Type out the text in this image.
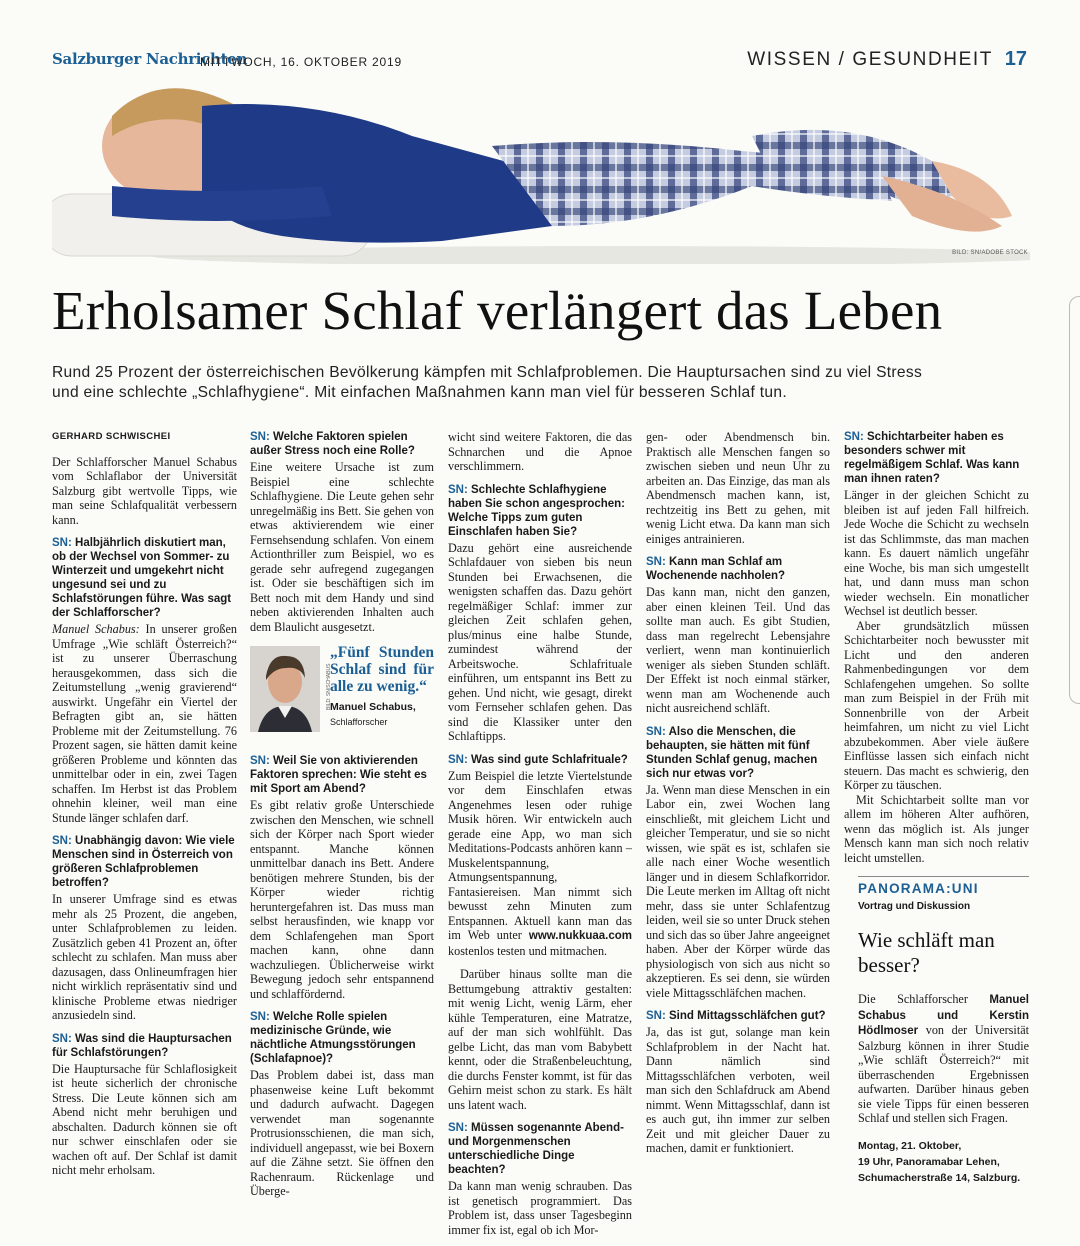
Salzburger Nachrichten
MITTWOCH, 16. OKTOBER 2019	WISSEN / GESUNDHEIT 17
BILD: SN/ADOBE STOCK
Erholsamer Schlaf verlängert das Leben

Rund 25 Prozent der österreichischen Bevölkerung kämpfen mit Schlafproblemen. Die Hauptursachen sind zu viel Stress und eine schlechte „Schlafhygiene“. Mit einfachen Maßnahmen kann man viel für besseren Schlaf tun.

GERHARD SCHWISCHEI

Der Schlafforscher Manuel Schabus vom Schlaflabor der Universität Salzburg gibt wertvolle Tipps, wie man seine Schlafqualität verbessern kann.

SN: Halbjährlich diskutiert man, ob der Wechsel von Sommer- zu Winterzeit und umgekehrt nicht ungesund sei und zu Schlafstörungen führe. Was sagt der Schlafforscher?

Manuel Schabus: In unserer großen Umfrage „Wie schläft Österreich?“ ist zu unserer Überraschung herausgekommen, dass sich die Zeitumstellung „wenig gravierend“ auswirkt. Ungefähr ein Viertel der Befragten gibt an, sie hätten Probleme mit der Zeitumstellung. 76 Prozent sagen, sie hätten damit keine größeren Probleme und könnten das unmittelbar oder in ein, zwei Tagen schaffen. Im Herbst ist das Problem ohnehin kleiner, weil man eine Stunde länger schlafen darf.

SN: Unabhängig davon: Wie viele Menschen sind in Österreich von größeren Schlafproblemen betroffen?

In unserer Umfrage sind es etwas mehr als 25 Prozent, die angeben, unter Schlafproblemen zu leiden. Zusätzlich geben 41 Prozent an, öfter schlecht zu schlafen. Man muss aber dazusagen, dass Onlineumfragen hier nicht wirklich repräsentativ sind und klinische Probleme etwas niedriger anzusiedeln sind.

SN: Was sind die Hauptursachen für Schlafstörungen?

Die Hauptursache für Schlaflosigkeit ist heute sicherlich der chronische Stress. Die Leute können sich am Abend nicht mehr beruhigen und abschalten. Dadurch können sie oft nur schwer einschlafen oder sie wachen oft auf. Der Schlaf ist damit nicht mehr erholsam.

SN: Welche Faktoren spielen außer Stress noch eine Rolle?

Eine weitere Ursache ist zum Beispiel eine schlechte Schlafhygiene. Die Leute gehen sehr unregelmäßig ins Bett. Sie gehen von etwas aktivierendem wie einer Fernsehsendung schlafen. Von einem Actionthriller zum Beispiel, wo es gerade sehr aufregend zugegangen ist. Oder sie beschäftigen sich im Bett noch mit dem Handy und sind neben aktivierenden Inhalten auch dem Blaulicht ausgesetzt.

BILD: SN/SCHABUS
„Fünf Stunden Schlaf sind für alle zu wenig.“
Manuel Schabus,
Schlafforscher

SN: Weil Sie von aktivierenden Faktoren sprechen: Wie steht es mit Sport am Abend?

Es gibt relativ große Unterschiede zwischen den Menschen, wie schnell sich der Körper nach Sport wieder entspannt. Manche können unmittelbar danach ins Bett. Andere benötigen mehrere Stunden, bis der Körper wieder richtig heruntergefahren ist. Das muss man selbst herausfinden, wie knapp vor dem Schlafengehen man Sport machen kann, ohne dann wachzuliegen. Üblicherweise wirkt Bewegung jedoch sehr entspannend und schlaffördernd.

SN: Welche Rolle spielen medizinische Gründe, wie nächtliche Atmungsstörungen (Schlafapnoe)?

Das Problem dabei ist, dass man phasenweise keine Luft bekommt und dadurch aufwacht. Dagegen verwendet man sogenannte Protrusionsschienen, die man sich, individuell angepasst, wie bei Boxern auf die Zähne setzt. Sie öffnen den Rachenraum. Rückenlage und Überge-

wicht sind weitere Faktoren, die das Schnarchen und die Apnoe verschlimmern.

SN: Schlechte Schlafhygiene haben Sie schon angesprochen: Welche Tipps zum guten Einschlafen haben Sie?

Dazu gehört eine ausreichende Schlafdauer von sieben bis neun Stunden bei Erwachsenen, die wenigsten schaffen das. Dazu gehört regelmäßiger Schlaf: immer zur gleichen Zeit schlafen gehen, plus/minus eine halbe Stunde, zumindest während der Arbeitswoche. Schlafrituale einführen, um entspannt ins Bett zu gehen. Und nicht, wie gesagt, direkt vom Fernseher schlafen gehen. Das sind die Klassiker unter den Schlaftipps.

SN: Was sind gute Schlafrituale?

Zum Beispiel die letzte Viertelstunde vor dem Einschlafen etwas Angenehmes lesen oder ruhige Musik hören. Wir entwickeln auch gerade eine App, wo man sich Meditations-Podcasts anhören kann – Muskelentspannung, Atmungsentspannung, Fantasiereisen. Man nimmt sich bewusst zehn Minuten zum Entspannen. Aktuell kann man das im Web unter www.nukkuaa.com kostenlos testen und mitmachen.

Darüber hinaus sollte man die Bettumgebung attraktiv gestalten: mit wenig Licht, wenig Lärm, eher kühle Temperaturen, eine Matratze, auf der man sich wohlfühlt. Das gelbe Licht, das man vom Babybett kennt, oder die Straßenbeleuchtung, die durchs Fenster kommt, ist für das Gehirn meist schon zu stark. Es hält uns latent wach.

SN: Müssen sogenannte Abend- und Morgenmenschen unterschiedliche Dinge beachten?

Da kann man wenig schrauben. Das ist genetisch programmiert. Das Problem ist, dass unser Tagesbeginn immer fix ist, egal ob ich Mor-

gen- oder Abendmensch bin. Praktisch alle Menschen fangen so zwischen sieben und neun Uhr zu arbeiten an. Das Einzige, das man als Abendmensch machen kann, ist, rechtzeitig ins Bett zu gehen, mit wenig Licht etwa. Da kann man sich einiges antrainieren.

SN: Kann man Schlaf am Wochenende nachholen?

Das kann man, nicht den ganzen, aber einen kleinen Teil. Und das sollte man auch. Es gibt Studien, dass man regelrecht Lebensjahre verliert, wenn man kontinuierlich weniger als sieben Stunden schläft. Der Effekt ist noch einmal stärker, wenn man am Wochenende auch nicht ausreichend schläft.

SN: Also die Menschen, die behaupten, sie hätten mit fünf Stunden Schlaf genug, machen sich nur etwas vor?

Ja. Wenn man diese Menschen in ein Labor ein, zwei Wochen lang einschließt, mit gleichem Licht und gleicher Temperatur, und sie so nicht wissen, wie spät es ist, schlafen sie alle nach einer Woche wesentlich länger und in diesem Schlafkorridor. Die Leute merken im Alltag oft nicht mehr, dass sie unter Schlafentzug leiden, weil sie so unter Druck stehen und sich das so über Jahre angeeignet haben. Aber der Körper würde das physiologisch von sich aus nicht so akzeptieren. Es sei denn, sie würden viele Mittagsschläfchen machen.

SN: Sind Mittagsschläfchen gut?

Ja, das ist gut, solange man kein Schlafproblem in der Nacht hat. Dann nämlich sind Mittagsschläfchen verboten, weil man sich den Schlafdruck am Abend nimmt. Wenn Mittagsschlaf, dann ist es auch gut, ihn immer zur selben Zeit und mit gleicher Dauer zu machen, damit er funktioniert.

SN: Schichtarbeiter haben es besonders schwer mit regelmäßigem Schlaf. Was kann man ihnen raten?

Länger in der gleichen Schicht zu bleiben ist auf jeden Fall hilfreich. Jede Woche die Schicht zu wechseln ist das Schlimmste, das man machen kann. Es dauert nämlich ungefähr eine Woche, bis man sich umgestellt hat, und dann muss man schon wieder wechseln. Ein monatlicher Wechsel ist deutlich besser.

Aber grundsätzlich müssen Schichtarbeiter noch bewusster mit Licht und den anderen Rahmenbedingungen vor dem Schlafengehen umgehen. So sollte man zum Beispiel in der Früh mit Sonnenbrille von der Arbeit heimfahren, um nicht zu viel Licht abzubekommen. Aber viele äußere Einflüsse lassen sich einfach nicht steuern. Das macht es schwierig, den Körper zu täuschen.

Mit Schichtarbeit sollte man vor allem im höheren Alter aufhören, wenn das möglich ist. Als junger Mensch kann man sich noch relativ leicht umstellen.

PANORAMA:UNI
Vortrag und Diskussion
Wie schläft man besser?
Die Schlafforscher Manuel Schabus und Kerstin Hödlmoser von der Universität Salzburg können in ihrer Studie „Wie schläft Österreich?“ mit überraschenden Ergebnissen aufwarten. Darüber hinaus geben sie viele Tipps für einen besseren Schlaf und stellen sich Fragen.
Montag, 21. Oktober,
19 Uhr, Panoramabar Lehen,
Schumacherstraße 14, Salzburg.
